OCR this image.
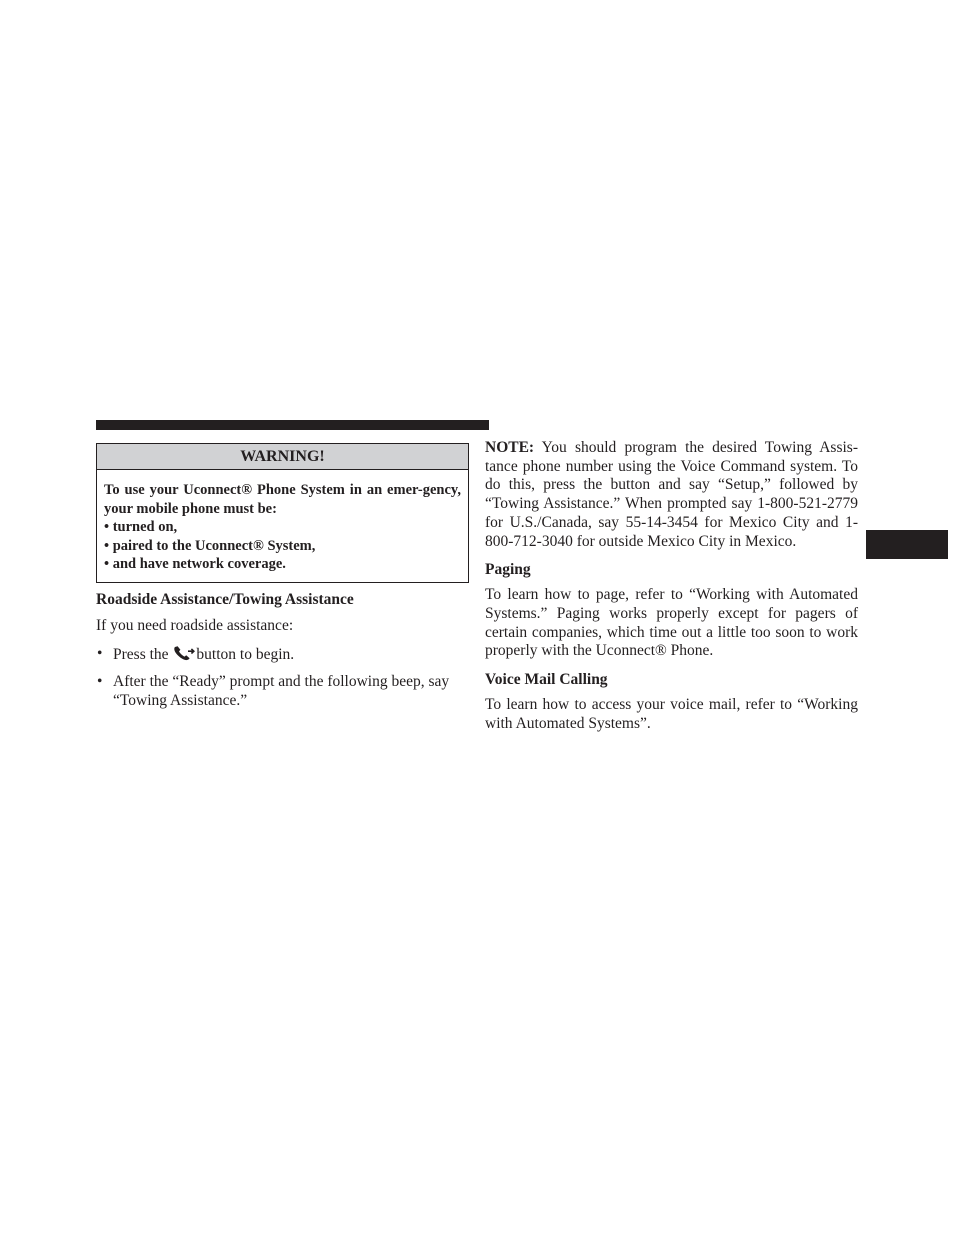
WARNING!
To use your Uconnect® Phone System in an emer-gency, your mobile phone must be:
• turned on,
• paired to the Uconnect® System,
• and have network coverage.

Roadside Assistance/Towing Assistance

If you need roadside assistance:

• Press the button to begin.
• After the “Ready” prompt and the following beep, say “Towing Assistance.”

NOTE: You should program the desired Towing Assis-tance phone number using the Voice Command system. To do this, press the button and say “Setup,” followed by “Towing Assistance.” When prompted say 1-800-521-2779 for U.S./Canada, say 55-14-3454 for Mexico City and 1-800-712-3040 for outside Mexico City in Mexico.

Paging

To learn how to page, refer to “Working with Automated Systems.” Paging works properly except for pagers of certain companies, which time out a little too soon to work properly with the Uconnect® Phone.

Voice Mail Calling

To learn how to access your voice mail, refer to “Working with Automated Systems”.
